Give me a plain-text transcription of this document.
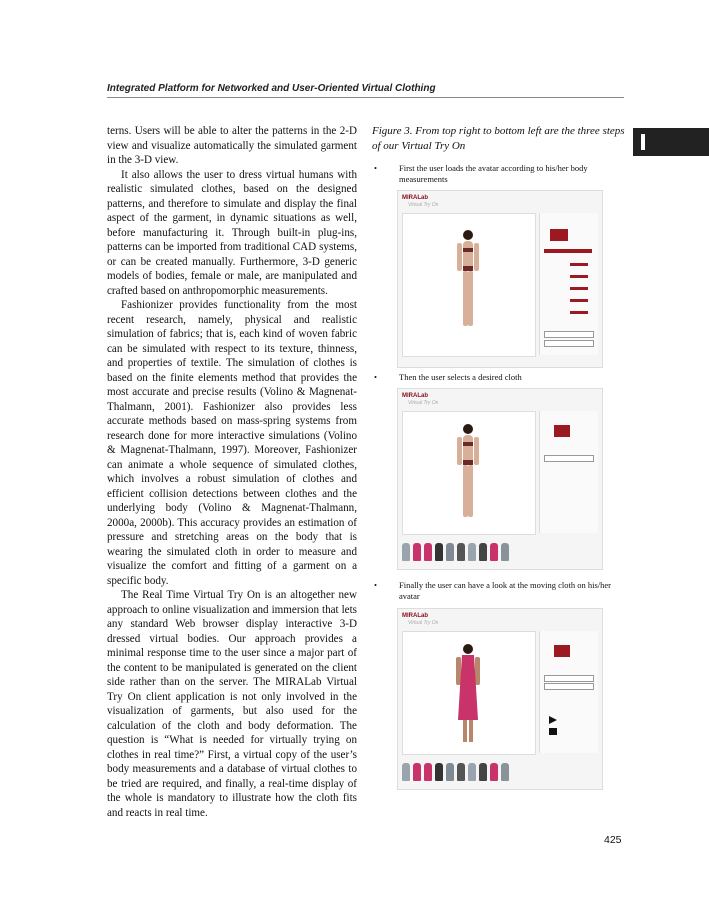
Integrated Platform for Networked and User-Oriented Virtual Clothing

terns. Users will be able to alter the patterns in the 2-D view and visualize automatically the simulated garment in the 3-D view.

It also allows the user to dress virtual humans with realistic simulated clothes, based on the designed patterns, and therefore to simulate and display the final aspect of the garment, in dynamic situations as well, before manufacturing it. Through built-in plug-ins, patterns can be imported from traditional CAD systems, or can be created manually. Furthermore, 3-D generic models of bodies, female or male, are manipulated and crafted based on anthropomorphic measurements.

Fashionizer provides functionality from the most recent research, namely, physical and realistic simulation of fabrics; that is, each kind of woven fabric can be simulated with respect to its texture, thinness, and properties of textile. The simulation of clothes is based on the finite elements method that provides the most accurate and precise results (Volino & Magnenat-Thalmann, 2001). Fashionizer also provides less accurate methods based on mass-spring systems from research done for more interactive simulations (Volino & Magnenat-Thalmann, 1997). Moreover, Fashionizer can animate a whole sequence of simulated clothes, which involves a robust simulation of clothes and efficient collision detections between clothes and the underlying body (Volino & Magnenat-Thalmann, 2000a, 2000b). This accuracy provides an estimation of pressure and stretching areas on the body that is wearing the simulated cloth in order to measure and visualize the comfort and fitting of a garment on a specific body.

The Real Time Virtual Try On is an altogether new approach to online visualization and immersion that lets any standard Web browser display interactive 3-D dressed virtual bodies. Our approach provides a minimal response time to the user since a major part of the content to be manipulated is generated on the client side rather than on the server. The MIRALab Virtual Try On client application is not only involved in the visualization of garments, but also used for the calculation of the cloth and body deformation. The question is “What is needed for virtually trying on clothes in real time?” First, a virtual copy of the user’s body measurements and a database of virtual clothes to be tried are required, and finally, a real-time display of the whole is mandatory to illustrate how the cloth fits and reacts in real time.

Figure 3. From top right to bottom left are the three steps of our Virtual Try On
•	First the user loads the avatar according to his/her body measurements
MIRALab
Virtual Try On
•	Then the user selects a desired cloth
MIRALab
Virtual Try On
•	Finally the user can have a look at the moving cloth on his/her avatar
MIRALab
Virtual Try On
425
